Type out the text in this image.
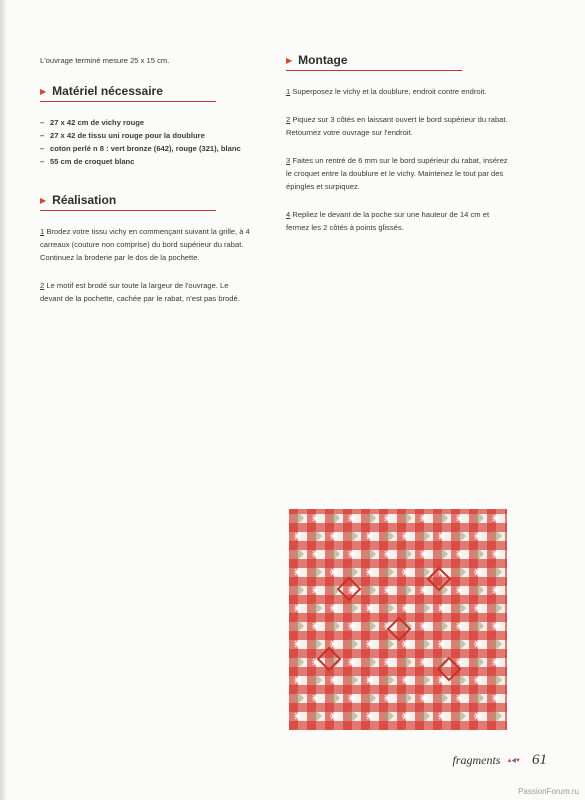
L'ouvrage terminé mesure 25 x 15 cm.

▶ Matériel nécessaire
– 27 x 42 cm de vichy rouge
– 27 x 42 de tissu uni rouge pour la doublure
– coton perlé n 8 : vert bronze (642), rouge (321), blanc
– 55 cm de croquet blanc
▶ Réalisation

1 Brodez votre tissu vichy en commençant suivant la grille, à 4 carreaux (couture non comprise) du bord supérieur du rabat. Continuez la broderie par le dos de la pochette.

2 Le motif est brodé sur toute la largeur de l'ouvrage. Le devant de la pochette, cachée par le rabat, n'est pas brodé.

▶ Montage

1 Superposez le vichy et la doublure, endroit contre endroit.

2 Piquez sur 3 côtés en laissant ouvert le bord supérieur du rabat. Retournez votre ouvrage sur l'endroit.

3 Faites un rentré de 6 mm sur le bord supérieur du rabat, insérez le croquet entre la doublure et le vichy. Maintenez le tout par des épingles et surpiquez.

4 Repliez le devant de la poche sur une hauteur de 14 cm et fermez les 2 côtés à points glissés.

fragments ▲◀▼ 61
PassionForum.ru
